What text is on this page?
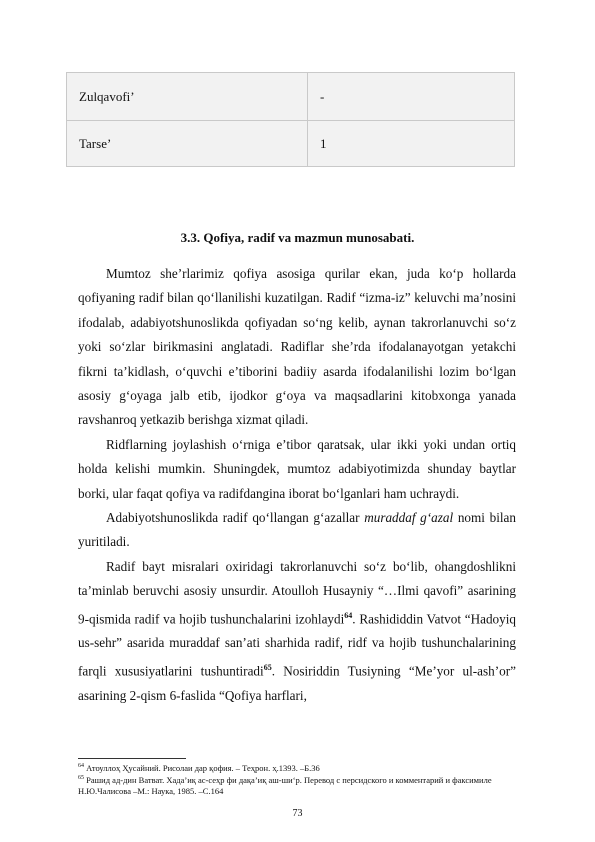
Zulqavofi’	-
Tarse’	1
3.3. Qofiya, radif va mazmun munosabati.

Mumtoz she’rlarimiz qofiya asosiga qurilar ekan, juda ko‘p hollarda qofiyaning radif bilan qo‘llanilishi kuzatilgan. Radif “izma-iz” keluvchi ma’nosini ifodalab, adabiyotshunoslikda qofiyadan so‘ng kelib, aynan takrorlanuvchi so‘z yoki so‘zlar birikmasini anglatadi. Radiflar she’rda ifodalanayotgan yetakchi fikrni ta’kidlash, o‘quvchi e’tiborini badiiy asarda ifodalanilishi lozim bo‘lgan asosiy g‘oyaga jalb etib, ijodkor g‘oya va maqsadlarini kitobxonga yanada ravshanroq yetkazib berishga xizmat qiladi.

Ridflarning joylashish o‘rniga e’tibor qaratsak, ular ikki yoki undan ortiq holda kelishi mumkin. Shuningdek, mumtoz adabiyotimizda shunday baytlar borki, ular faqat qofiya va radifdangina iborat bo‘lganlari ham uchraydi.

Adabiyotshunoslikda radif qo‘llangan g‘azallar muraddaf g‘azal nomi bilan yuritiladi.

Radif bayt misralari oxiridagi takrorlanuvchi so‘z bo‘lib, ohangdoshlikni ta’minlab beruvchi asosiy unsurdir. Atoulloh Husayniy “…Ilmi qavofi” asarining 9-qismida radif va hojib tushunchalarini izohlaydi$^{64}$. Rashididdin Vatvot “Hadoyiq us-sehr” asarida muraddaf san’ati sharhida radif, ridf va hojib tushunchalarining farqli xususiyatlarini tushuntiradi$^{65}$. Nosiriddin Tusiyning “Me’yor ul-ash’or” asarining 2-qism 6-faslida “Qofiya harflari,

$^{64}$ Атоуллоҳ Ҳусайний. Рисолаи дар қофия. – Теҳрон. ҳ.1393. –Б.36
$^{65}$ Рашид ад-дин Ватват. Хада’иқ ас-сеҳр фи дақа’иқ аш-ши‘р. Перевод с персидского и комментарий и факсимиле Н.Ю.Чалисова –М.: Наука, 1985. –С.164
73
